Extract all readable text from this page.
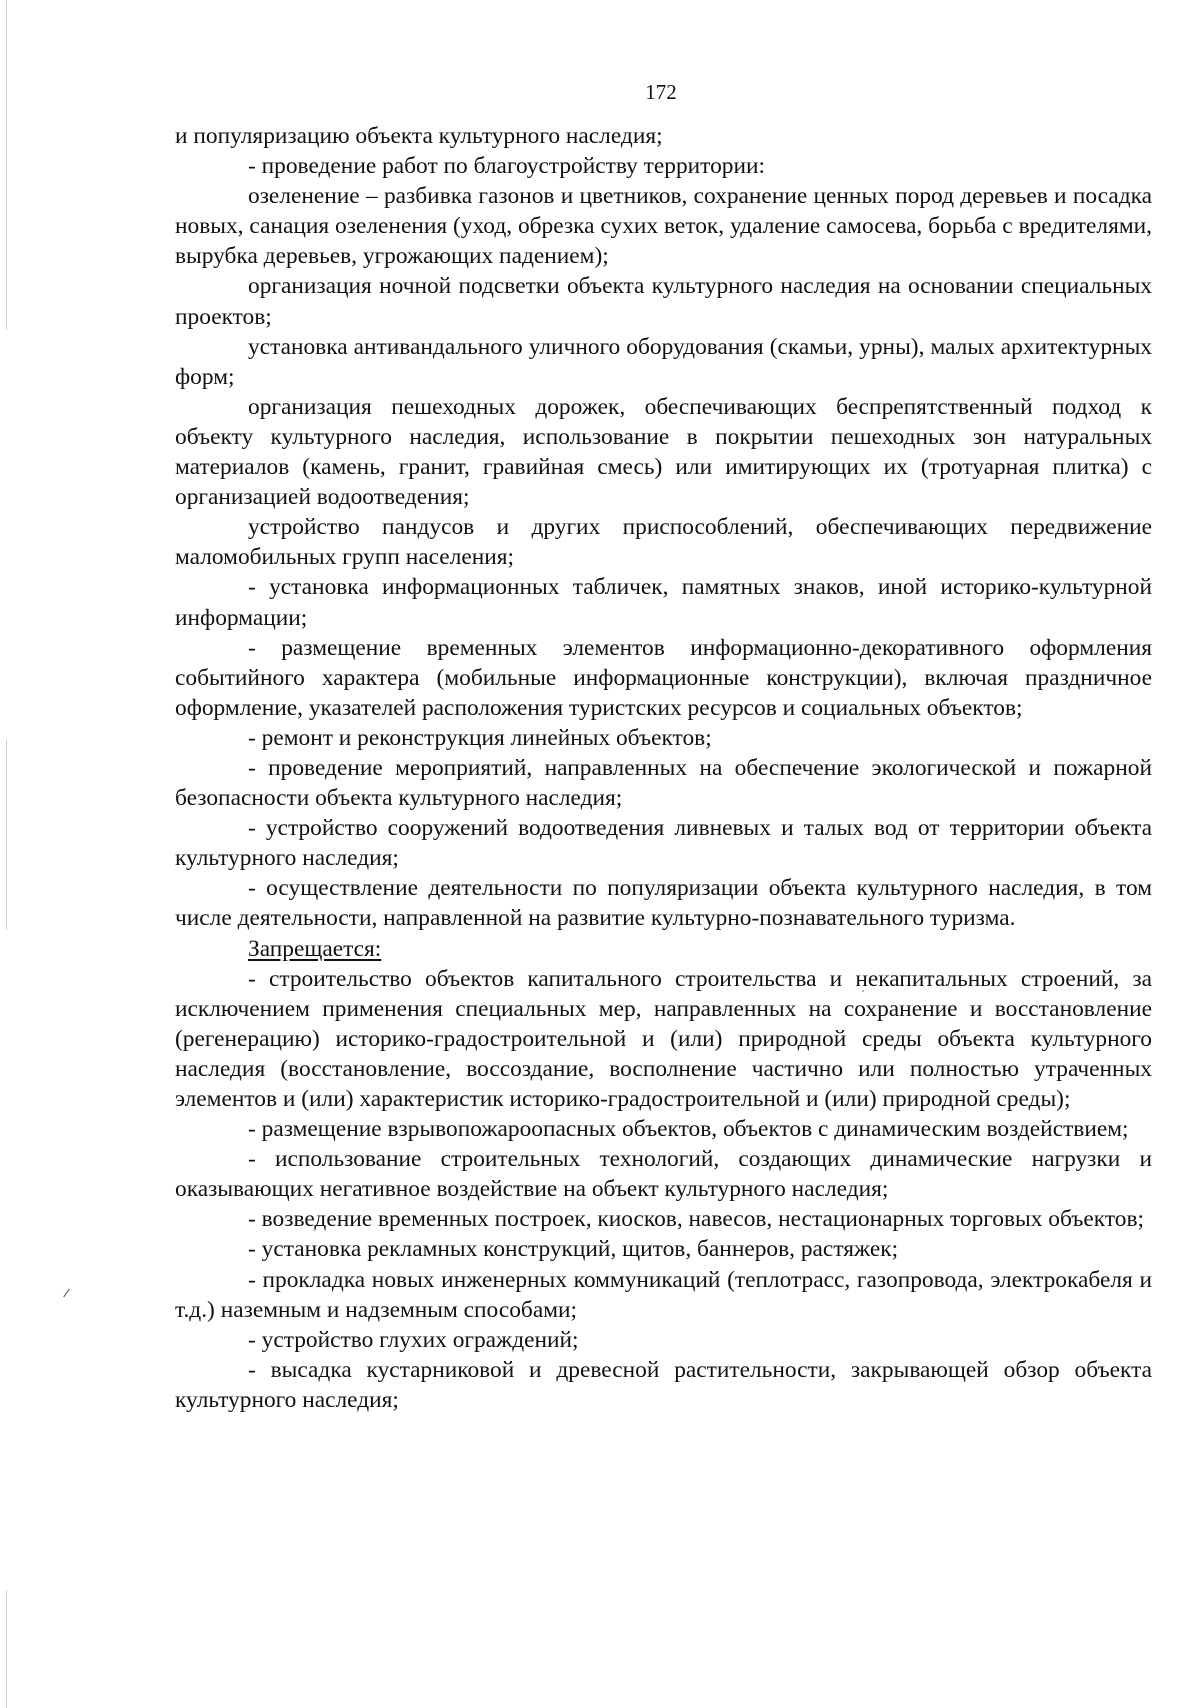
172

и популяризацию объекта культурного наследия;

- проведение работ по благоустройству территории:

озеленение – разбивка газонов и цветников, сохранение ценных пород деревьев и посадка новых, санация озеленения (уход, обрезка сухих веток, удаление самосева, борьба с вредителями, вырубка деревьев, угрожающих падением);

организация ночной подсветки объекта культурного наследия на основании специальных проектов;

установка антивандального уличного оборудования (скамьи, урны), малых архитектурных форм;

организация пешеходных дорожек, обеспечивающих беспрепятственный подход к объекту культурного наследия, использование в покрытии пешеходных зон натуральных материалов (камень, гранит, гравийная смесь) или имитирующих их (тротуарная плитка) с организацией водоотведения;

устройство пандусов и других приспособлений, обеспечивающих передвижение маломобильных групп населения;

- установка информационных табличек, памятных знаков, иной историко-культурной информации;

- размещение временных элементов информационно-декоративного оформления событийного характера (мобильные информационные конструкции), включая праздничное оформление, указателей расположения туристских ресурсов и социальных объектов;

- ремонт и реконструкция линейных объектов;

- проведение мероприятий, направленных на обеспечение экологической и пожарной безопасности объекта культурного наследия;

- устройство сооружений водоотведения ливневых и талых вод от территории объекта культурного наследия;

- осуществление деятельности по популяризации объекта культурного наследия, в том числе деятельности, направленной на развитие культурно-познавательного туризма.

Запрещается:

- строительство объектов капитального строительства и некапитальных строений, за исключением применения специальных мер, направленных на сохранение и восстановление (регенерацию) историко-градостроительной и (или) природной среды объекта культурного наследия (восстановление, воссоздание, восполнение частично или полностью утраченных элементов и (или) характеристик историко-градостроительной и (или) природной среды);

- размещение взрывопожароопасных объектов, объектов с динамическим воздействием;

- использование строительных технологий, создающих динамические нагрузки и оказывающих негативное воздействие на объект культурного наследия;

- возведение временных построек, киосков, навесов, нестационарных торговых объектов;

- установка рекламных конструкций, щитов, баннеров, растяжек;

- прокладка новых инженерных коммуникаций (теплотрасс, газопровода, электрокабеля и т.д.) наземным и надземным способами;

- устройство глухих ограждений;

- высадка кустарниковой и древесной растительности, закрывающей обзор объекта культурного наследия;
